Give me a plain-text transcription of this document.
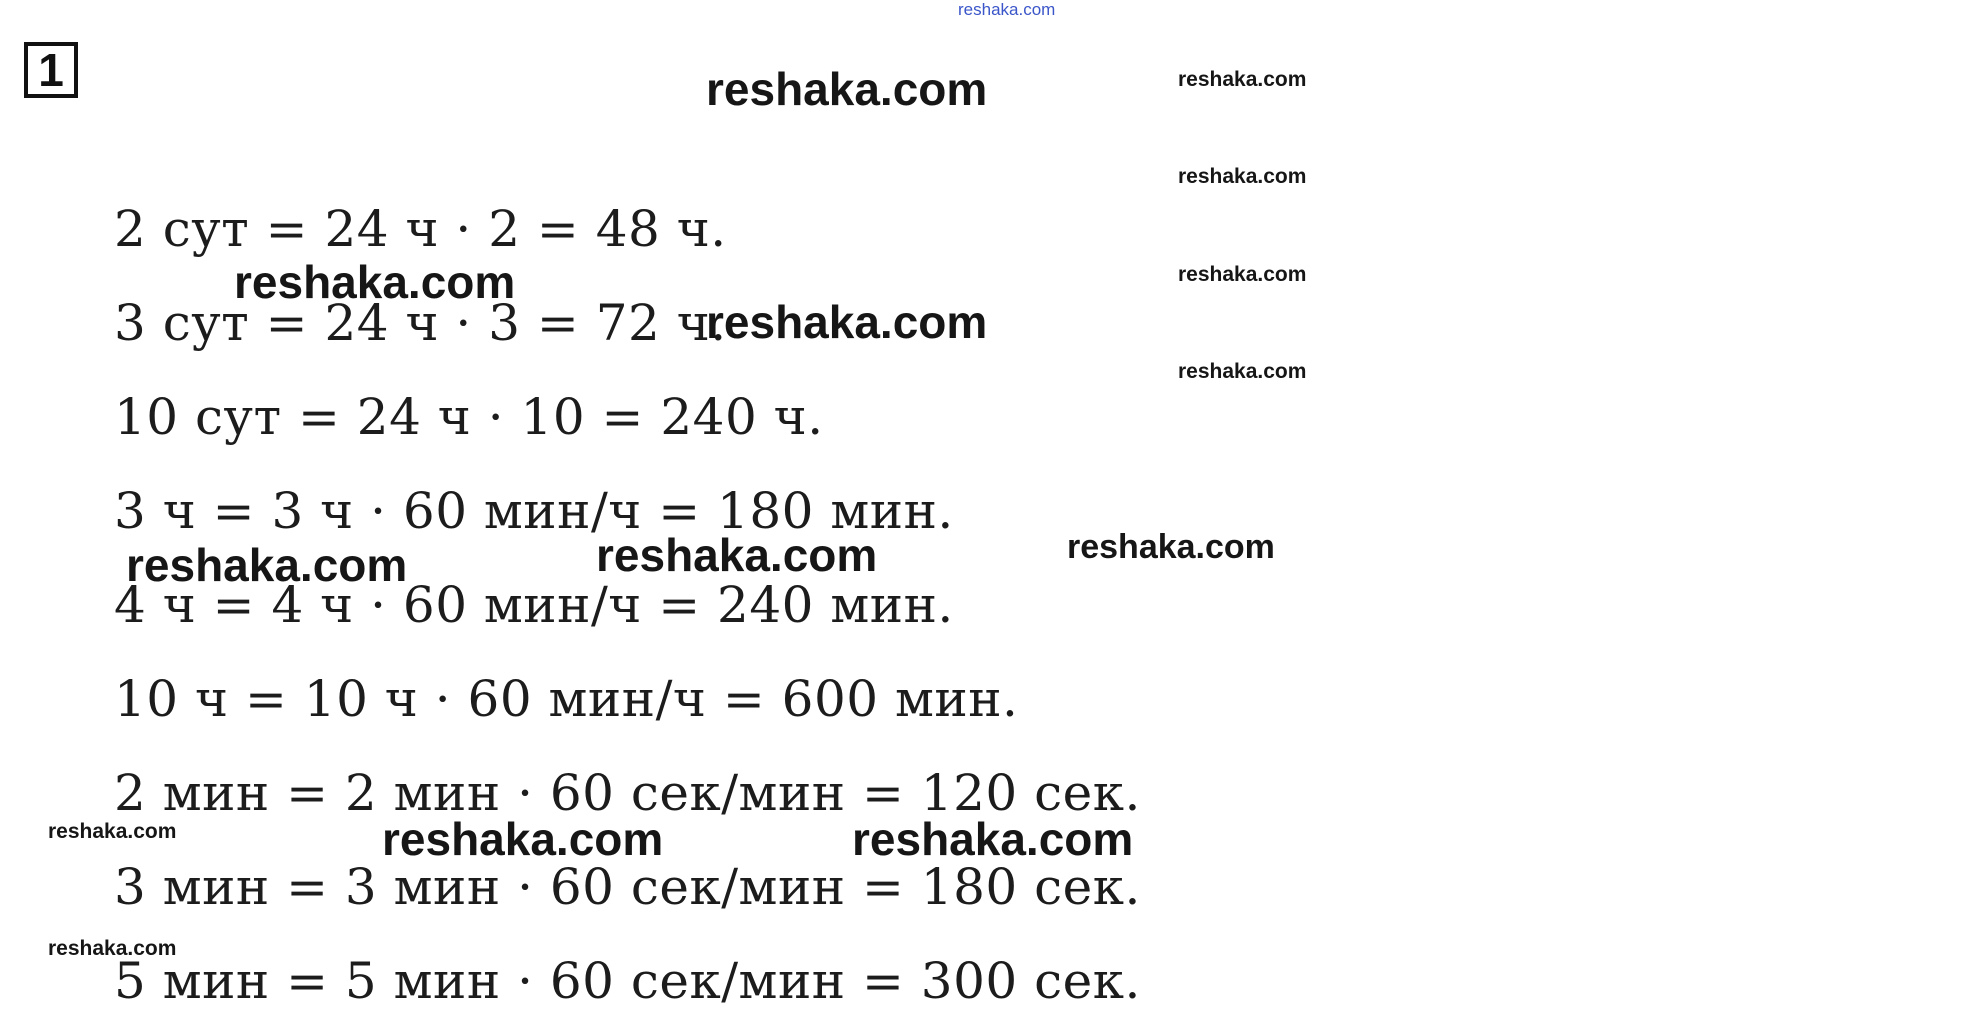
1
2 сут = 24 ч · 2 = 48 ч.
3 сут = 24 ч · 3 = 72 ч.
10 сут = 24 ч · 10 = 240 ч.
3 ч = 3 ч · 60 мин/ч = 180 мин.
4 ч = 4 ч · 60 мин/ч = 240 мин.
10 ч = 10 ч · 60 мин/ч = 600 мин.
2 мин = 2 мин · 60 сек/мин = 120 сек.
3 мин = 3 мин · 60 сек/мин = 180 сек.
5 мин = 5 мин · 60 сек/мин = 300 сек.
reshaka.com
reshaka.com
reshaka.com
reshaka.com
reshaka.com	reshaka.com
reshaka.com	reshaka.com
reshaka.com
reshaka.com
reshaka.com
reshaka.com
reshaka.com
reshaka.com
reshaka.com
